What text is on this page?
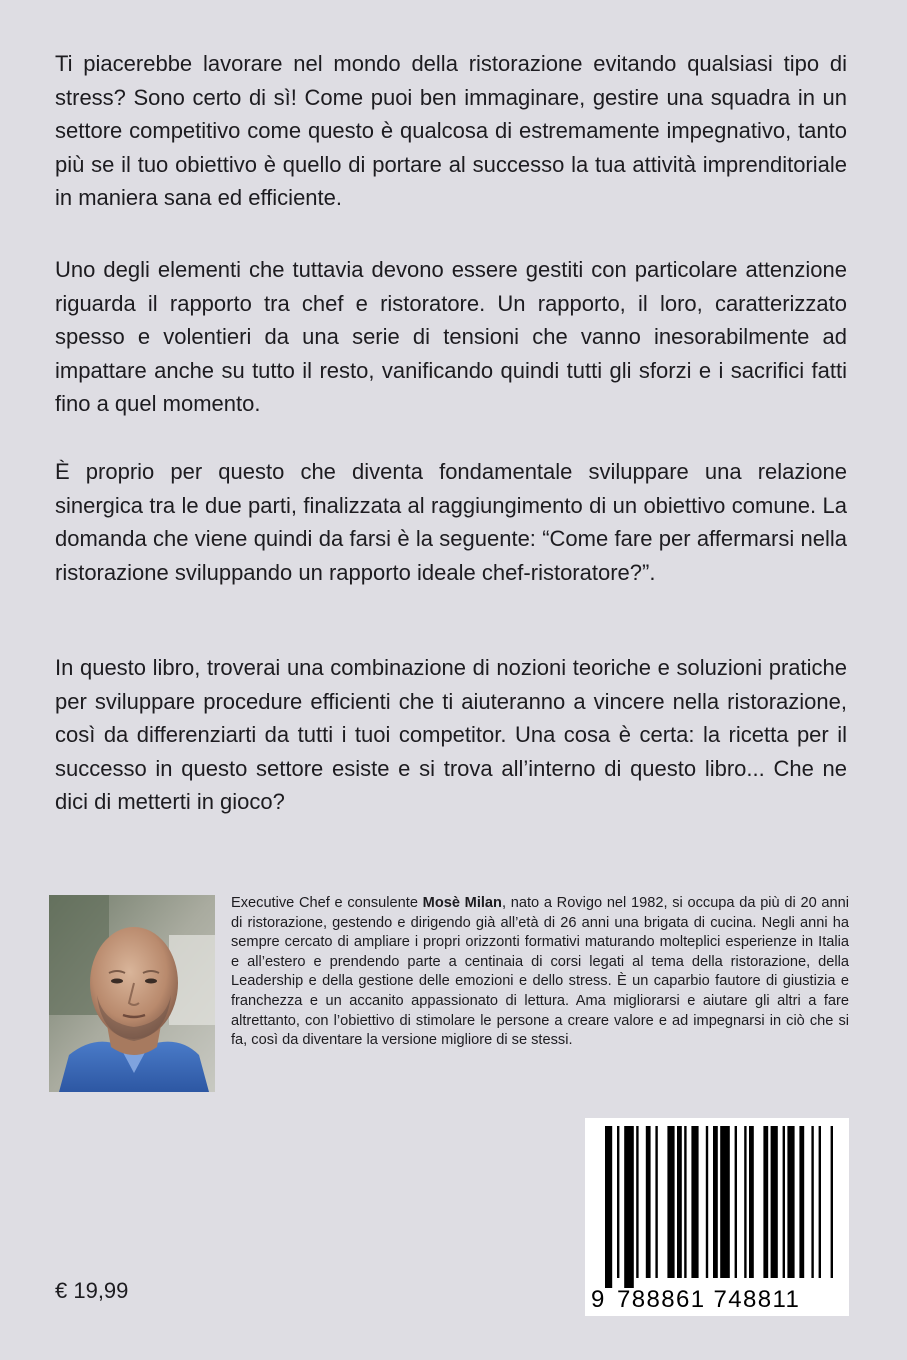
Ti piacerebbe lavorare nel mondo della ristorazione evitando qualsiasi tipo di stress? Sono certo di sì! Come puoi ben immaginare, gestire una squadra in un settore competitivo come questo è qualcosa di estremamente impegnativo, tanto più se il tuo obiettivo è quello di portare al successo la tua attività imprenditoriale in maniera sana ed efficiente.

Uno degli elementi che tuttavia devono essere gestiti con particolare attenzione riguarda il rapporto tra chef e ristoratore. Un rapporto, il loro, caratterizzato spesso e volentieri da una serie di tensioni che vanno inesorabilmente ad impattare anche su tutto il resto, vanificando quindi tutti gli sforzi e i sacrifici fatti fino a quel momento.

È proprio per questo che diventa fondamentale sviluppare una relazione sinergica tra le due parti, finalizzata al raggiungimento di un obiettivo comune. La domanda che viene quindi da farsi è la seguente: “Come fare per affermarsi nella ristorazione sviluppando un rapporto ideale chef-ristoratore?”.

In questo libro, troverai una combinazione di nozioni teoriche e soluzioni pratiche per sviluppare procedure efficienti che ti aiuteranno a vincere nella ristorazione, così da differenziarti da tutti i tuoi competitor. Una cosa è certa: la ricetta per il successo in questo settore esiste e si trova all’interno di questo libro... Che ne dici di metterti in gioco?

Executive Chef e consulente Mosè Milan, nato a Rovigo nel 1982, si occupa da più di 20 anni di ristorazione, gestendo e dirigendo già all’età di 26 anni una brigata di cucina. Negli anni ha sempre cercato di ampliare i propri orizzonti formativi maturando molteplici esperienze in Italia e all’estero e prendendo parte a centinaia di corsi legati al tema della ristorazione, della Leadership e della gestione delle emozioni e dello stress. È un caparbio fautore di giustizia e franchezza e un accanito appassionato di lettura. Ama migliorarsi e aiutare gli altri a fare altrettanto, con l’obiettivo di stimolare le persone a creare valore e ad impegnarsi in ciò che si fa, così da diventare la versione migliore di se stessi.

€ 19,99	9 788861 748811
